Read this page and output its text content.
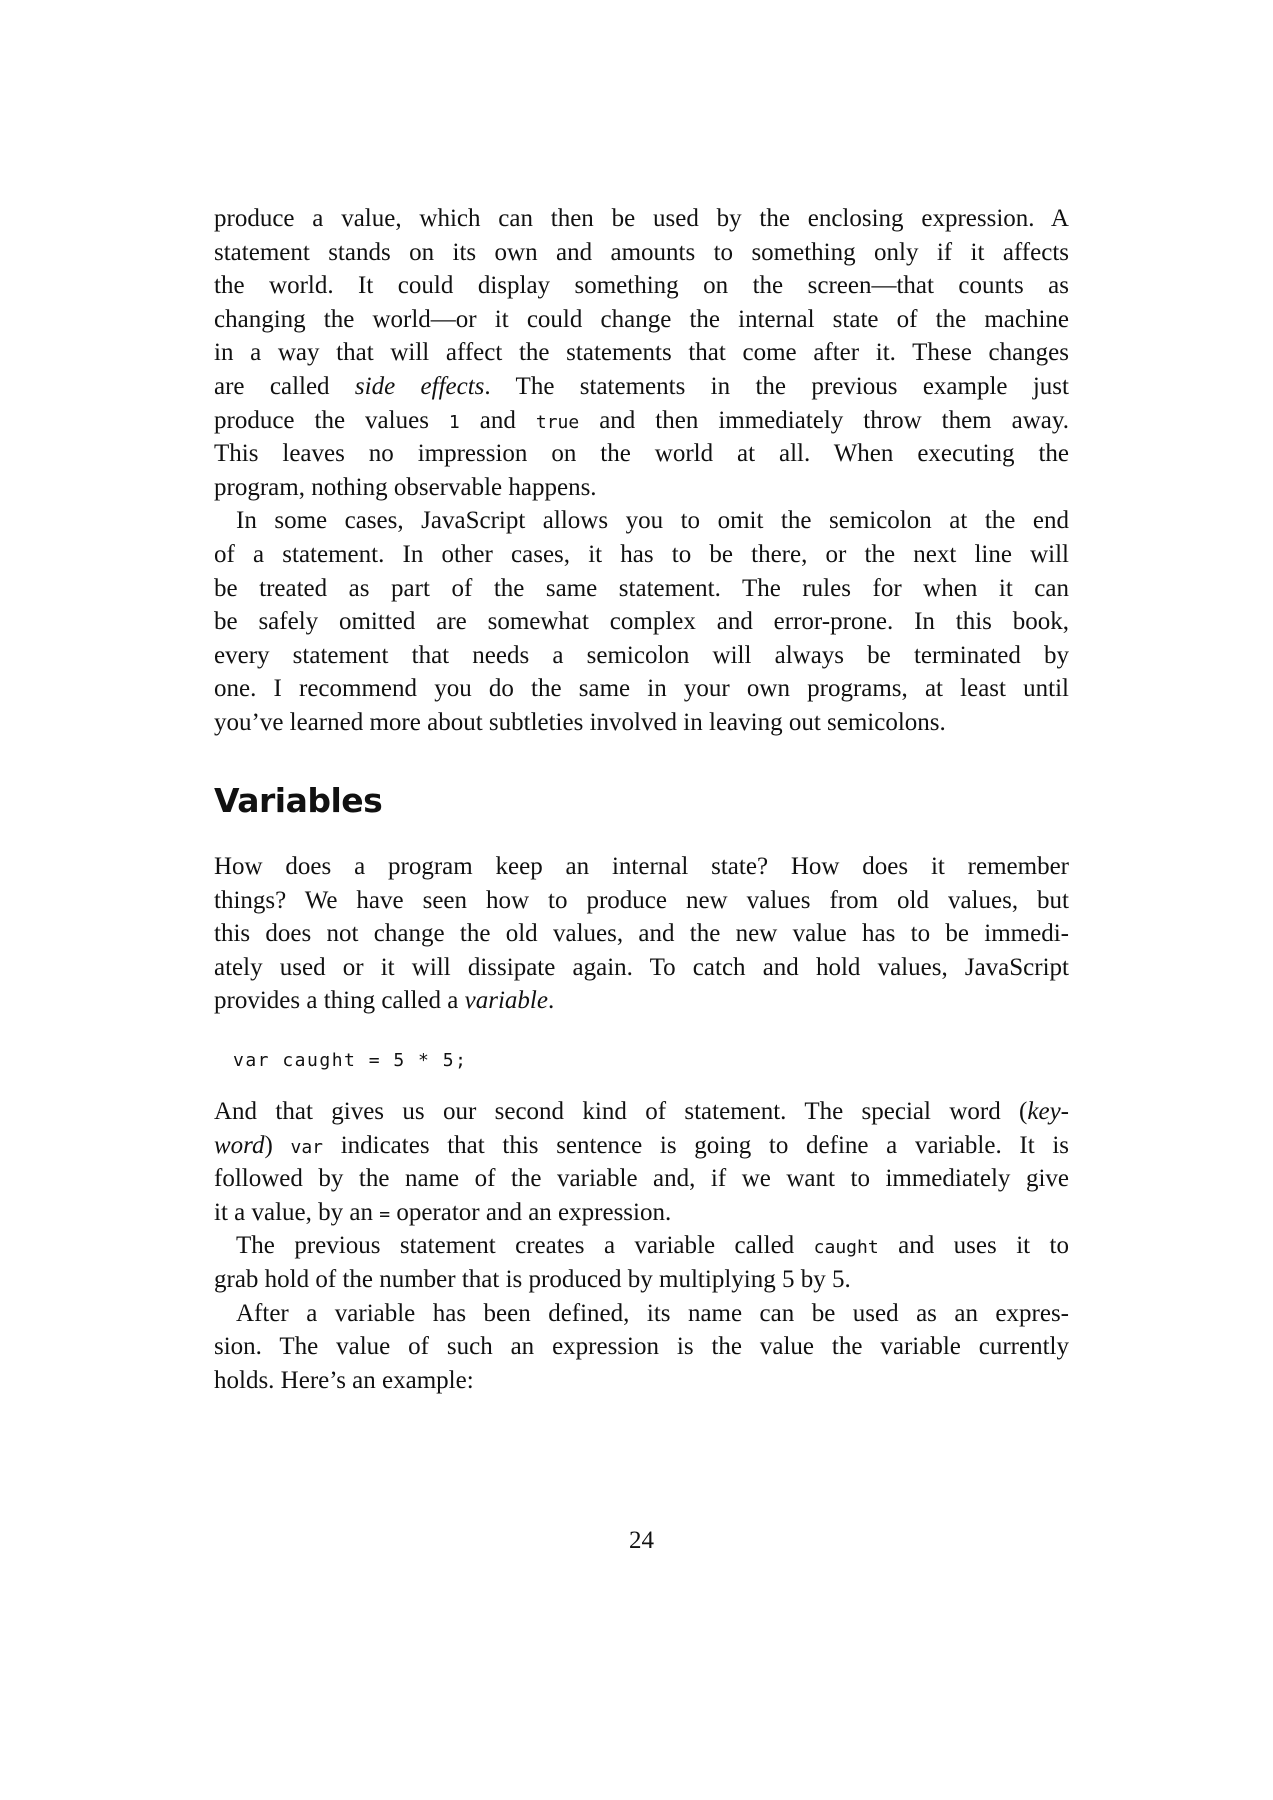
produce a value, which can then be used by the enclosing expression. A
statement stands on its own and amounts to something only if it affects
the world. It could display something on the screen—that counts as
changing the world—or it could change the internal state of the machine
in a way that will affect the statements that come after it. These changes
are called side effects. The statements in the previous example just
produce the values 1 and true and then immediately throw them away.
This leaves no impression on the world at all. When executing the
program, nothing observable happens.
In some cases, JavaScript allows you to omit the semicolon at the end
of a statement. In other cases, it has to be there, or the next line will
be treated as part of the same statement. The rules for when it can
be safely omitted are somewhat complex and error-prone. In this book,
every statement that needs a semicolon will always be terminated by
one. I recommend you do the same in your own programs, at least until
you’ve learned more about subtleties involved in leaving out semicolons.
Variables
How does a program keep an internal state? How does it remember
things? We have seen how to produce new values from old values, but
this does not change the old values, and the new value has to be immedi-
ately used or it will dissipate again. To catch and hold values, JavaScript
provides a thing called a variable.
var caught = 5 * 5;
And that gives us our second kind of statement. The special word (key-
word) var indicates that this sentence is going to define a variable. It is
followed by the name of the variable and, if we want to immediately give
it a value, by an = operator and an expression.
The previous statement creates a variable called caught and uses it to
grab hold of the number that is produced by multiplying 5 by 5.
After a variable has been defined, its name can be used as an expres-
sion. The value of such an expression is the value the variable currently
holds. Here’s an example:
24
